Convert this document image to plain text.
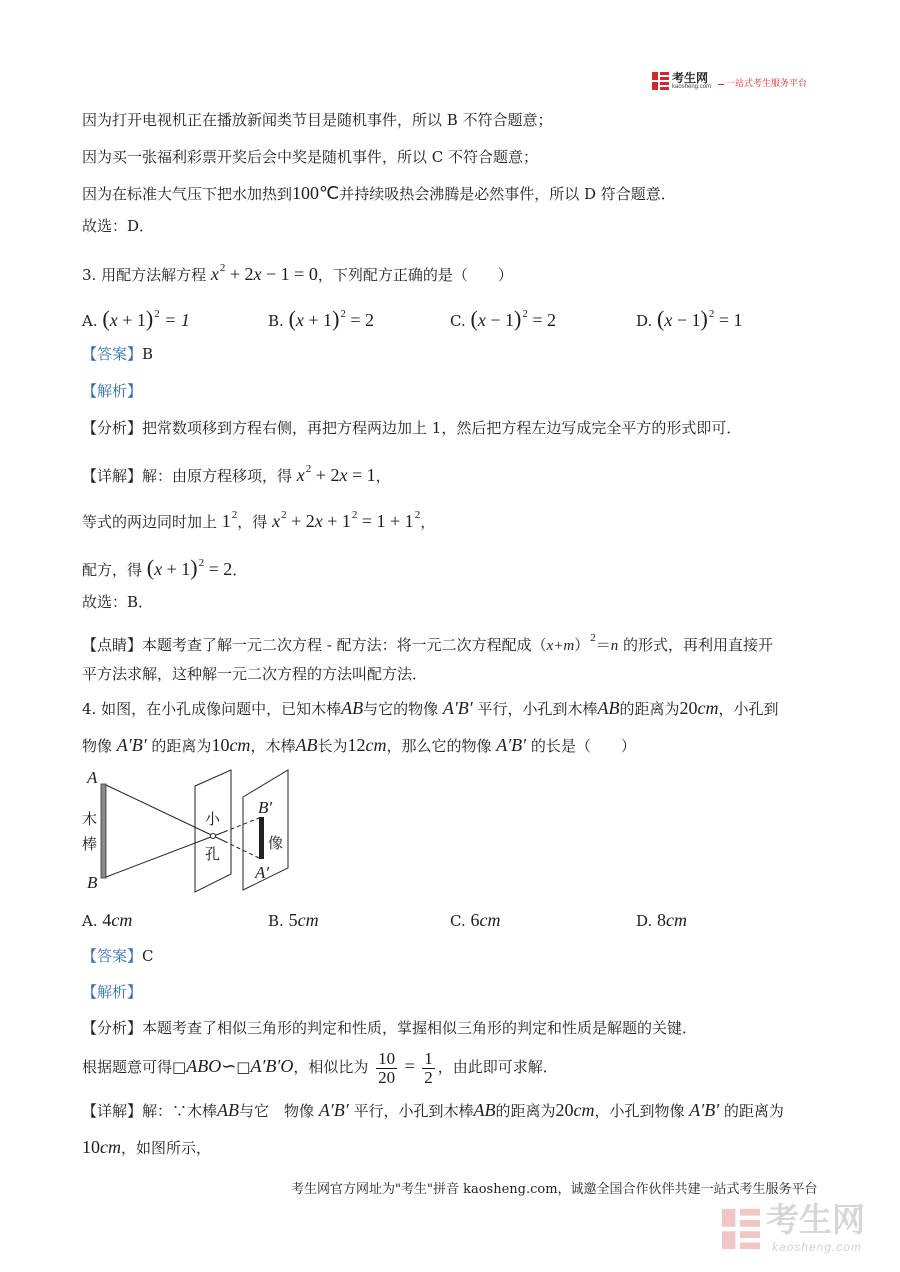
考生网
kaosheng.com 一站式考生服务平台
因为打开电视机正在播放新闻类节目是随机事件，所以 B 不符合题意；
因为买一张福利彩票开奖后会中奖是随机事件，所以 C 不符合题意；
因为在标准大气压下把水加热到100℃并持续吸热会沸腾是必然事件，所以 D 符合题意．
故选：D．
3. 用配方法解方程 $x^2 + 2x - 1 = 0$，下列配方正确的是（　　）
A. $(x + 1)^2 = 1$	B. $(x + 1)^2 = 2$	C. $(x - 1)^2 = 2$	D. $(x - 1)^2 = 1$
【答案】B
【解析】
【分析】把常数项移到方程右侧，再把方程两边加上 1，然后把方程左边写成完全平方的形式即可．
【详解】解：由原方程移项，得 $x^2 + 2x = 1$，
等式的两边同时加上 $1^2$，得 $x^2 + 2x + 1^2 = 1 + 1^2$，
配方，得 $(x + 1)^2 = 2$．
故选：B．
【点睛】本题考查了解一元二次方程 - 配方法：将一元二次方程配成$(x+m)^2=n$ 的形式，再利用直接开
平方法求解，这种解一元二次方程的方法叫配方法．
4. 如图，在小孔成像问题中，已知木棒AB与它的物像 A′B′ 平行，小孔到木棒AB的距离为20cm，小孔到
物像 A′B′ 的距离为10cm，木棒AB长为12cm，那么它的物像 A′B′ 的长是（　　）
A
木
棒
B
小
孔
B′
像
A′
A. 4cm	B. 5cm	C. 6cm	D. 8cm
【答案】C
【解析】
【分析】本题考查了相似三角形的判定和性质，掌握相似三角形的判定和性质是解题的关键．
根据题意可得□ABO∽□A′B′O，相似比为 $\frac{10}{20} = \frac{1}{2}$ ，由此即可求解．
【详解】解：∵木棒AB与它　物像 A′B′ 平行，小孔到木棒AB的距离为20cm，小孔到物像 A′B′ 的距离为
10cm，如图所示，
考生网官方网址为"考生"拼音 kaosheng.com，诚邀全国合作伙伴共建一站式考生服务平台
考生网
kaosheng.com
